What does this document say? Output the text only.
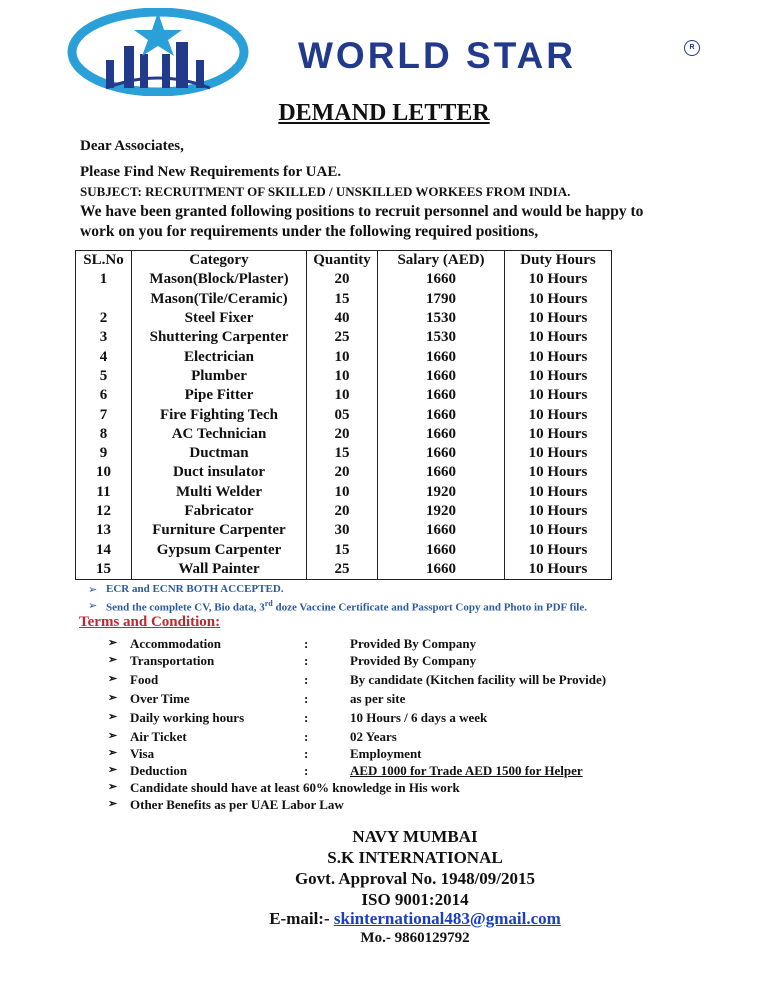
WORLD STAR	R
DEMAND LETTER
Dear Associates,
Please Find New Requirements for UAE.
SUBJECT: RECRUITMENT OF SKILLED / UNSKILLED WORKEES FROM INDIA.
We have been granted following positions to recruit personnel and would be happy to
work on you for requirements under the following required positions,
SL.No	Category	Quantity	Salary (AED)	Duty Hours
1	Mason(Block/Plaster)	20	1660	10 Hours
	Mason(Tile/Ceramic)	15	1790	10 Hours
2	Steel Fixer	40	1530	10 Hours
3	Shuttering Carpenter	25	1530	10 Hours
4	Electrician	10	1660	10 Hours
5	Plumber	10	1660	10 Hours
6	Pipe Fitter	10	1660	10 Hours
7	Fire Fighting Tech	05	1660	10 Hours
8	AC Technician	20	1660	10 Hours
9	Ductman	15	1660	10 Hours
10	Duct insulator	20	1660	10 Hours
11	Multi Welder	10	1920	10 Hours
12	Fabricator	20	1920	10 Hours
13	Furniture Carpenter	30	1660	10 Hours
14	Gypsum Carpenter	15	1660	10 Hours
15	Wall Painter	25	1660	10 Hours
➢ ECR and ECNR BOTH ACCEPTED.
➢ Send the complete CV, Bio data, 3rd doze Vaccine Certificate and Passport Copy and Photo in PDF file.
Terms and Condition:
➢ Accommodation	:	Provided By Company
➢ Transportation	:	Provided By Company
➢ Food	:	By candidate (Kitchen facility will be Provide)
➢ Over Time	:	as per site
➢ Daily working hours	:	10 Hours / 6 days a week
➢ Air Ticket	:	02 Years
➢ Visa	:	Employment
➢ Deduction	:	AED 1000 for Trade AED 1500 for Helper
➢ Candidate should have at least 60% knowledge in His work
➢ Other Benefits as per UAE Labor Law
NAVY MUMBAI
S.K INTERNATIONAL
Govt. Approval No. 1948/09/2015
ISO 9001:2014
E-mail:- skinternational483@gmail.com
Mo.- 9860129792
